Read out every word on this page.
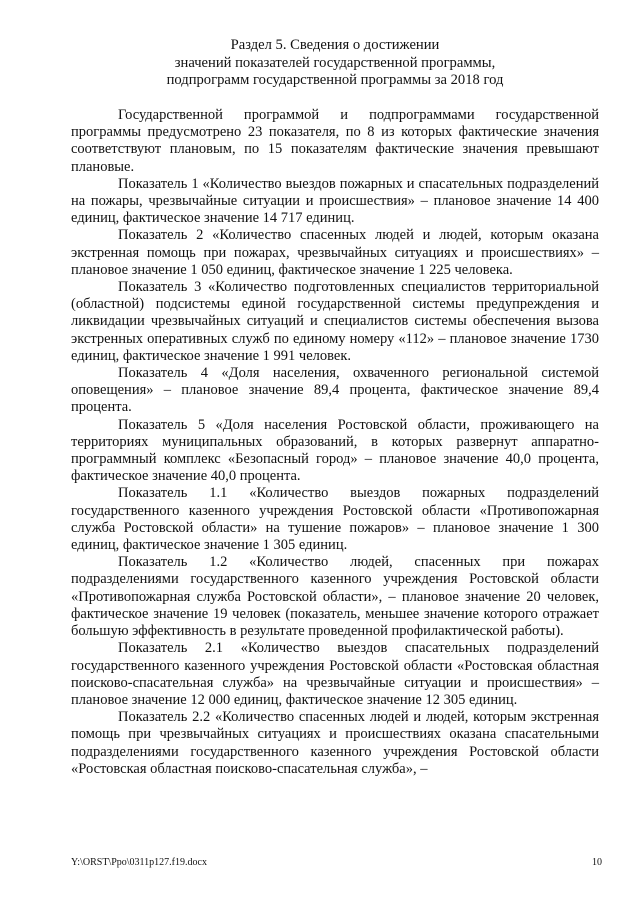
Раздел 5. Сведения о достижении
значений показателей государственной программы,
подпрограмм государственной программы за 2018 год

Государственной программой и подпрограммами государственной программы предусмотрено 23 показателя, по 8 из которых фактические значения соответствуют плановым, по 15 показателям фактические значения превышают плановые.

Показатель 1 «Количество выездов пожарных и спасательных подразделений на пожары, чрезвычайные ситуации и происшествия» – плановое значение 14 400 единиц, фактическое значение 14 717 единиц.

Показатель 2 «Количество спасенных людей и людей, которым оказана экстренная помощь при пожарах, чрезвычайных ситуациях и происшествиях» – плановое значение 1 050 единиц, фактическое значение 1 225 человека.

Показатель 3 «Количество подготовленных специалистов территориальной (областной) подсистемы единой государственной системы предупреждения и ликвидации чрезвычайных ситуаций и специалистов системы обеспечения вызова экстренных оперативных служб по единому номеру «112» – плановое значение 1730 единиц, фактическое значение 1 991 человек.

Показатель 4 «Доля населения, охваченного региональной системой оповещения» – плановое значение 89,4 процента, фактическое значение 89,4 процента.

Показатель 5 «Доля населения Ростовской области, проживающего на территориях муниципальных образований, в которых развернут аппаратно-программный комплекс «Безопасный город» – плановое значение 40,0 процента, фактическое значение 40,0 процента.

Показатель 1.1 «Количество выездов пожарных подразделений государственного казенного учреждения Ростовской области «Противопожарная служба Ростовской области» на тушение пожаров» – плановое значение 1 300 единиц, фактическое значение 1 305 единиц.

Показатель 1.2 «Количество людей, спасенных при пожарах подразделениями государственного казенного учреждения Ростовской области «Противопожарная служба Ростовской области», – плановое значение 20 человек, фактическое значение 19 человек (показатель, меньшее значение которого отражает большую эффективность в результате проведенной профилактической работы).

Показатель 2.1 «Количество выездов спасательных подразделений государственного казенного учреждения Ростовской области «Ростовская областная поисково-спасательная служба» на чрезвычайные ситуации и происшествия» – плановое значение 12 000 единиц, фактическое значение 12 305 единиц.

Показатель 2.2 «Количество спасенных людей и людей, которым экстренная помощь при чрезвычайных ситуациях и происшествиях оказана спасательными подразделениями государственного казенного учреждения Ростовской области «Ростовская областная поисково-спасательная служба», –

Y:\ORST\Ppo\0311p127.f19.docx	10
